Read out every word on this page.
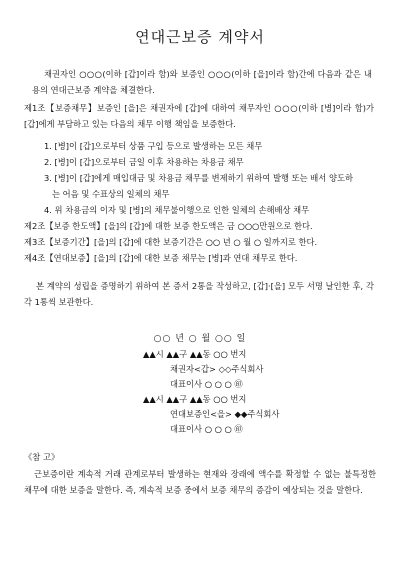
연대근보증 계약서
채권자인 ○○○(이하 [갑]이라 함)와 보증인 ○○○(이하 [을]이라 함)간에 다음과 같은 내용의 연대근보증 계약을 체결한다.
제1조【보증채무】보증인 [을]은 채권자에 [갑]에 대하여 채무자인 ○○○(이하 [병]이라 함)가 [갑]에게 부담하고 있는 다음의 채무 이행 책임을 보증한다.
1. [병]이 [갑]으로부터 상품 구입 등으로 발생하는 모든 채무
2. [병]이 [갑]으로부터 금일 이후 차용하는 차용금 채무
3. [병]이 [갑]에게 매입대금 및 차용금 채무를 변제하기 위하여 발행 또는 배서 양도하
는 어음 및 수표상의 일체의 채무
4. 위 차용금의 이자 및 [병]의 채무불이행으로 인한 일체의 손해배상 채무
제2조【보증 한도액】[을]의 [갑]에 대한 보증 한도액은 금 ○○○만원으로 한다.
제3조【보증기간】[을]의 [갑]에 대한 보증기간은 ○○ 년 ○ 월 ○ 일까지로 한다.
제4조【연대보증】[을]의 [갑]에 대한 보증 채무는 [병]과 연대 채무로 한다.
본 계약의 성립을 증명하기 위하여 본 증서 2통을 작성하고, [갑]·[을] 모두 서명 날인한 후, 각각 1통씩 보관한다.
○○ 년 ○ 월 ○○ 일
▲▲시 ▲▲구 ▲▲동 ○○ 번지
채권자<갑> ◇◇주식회사
대표이사 ○ ○ ○ ㊞
▲▲시 ▲▲구 ▲▲동 ○○ 번지
연대보증인<을> ◆◆주식회사
대표이사 ○ ○ ○ ㊞
《참 고》
근보증이란 계속적 거래 관계로부터 발생하는 현재와 장래에 액수를 확정할 수 없는 불특정한 채무에 대한 보증을 말한다. 즉, 계속적 보증 중에서 보증 채무의 증감이 예상되는 것을 말한다.
